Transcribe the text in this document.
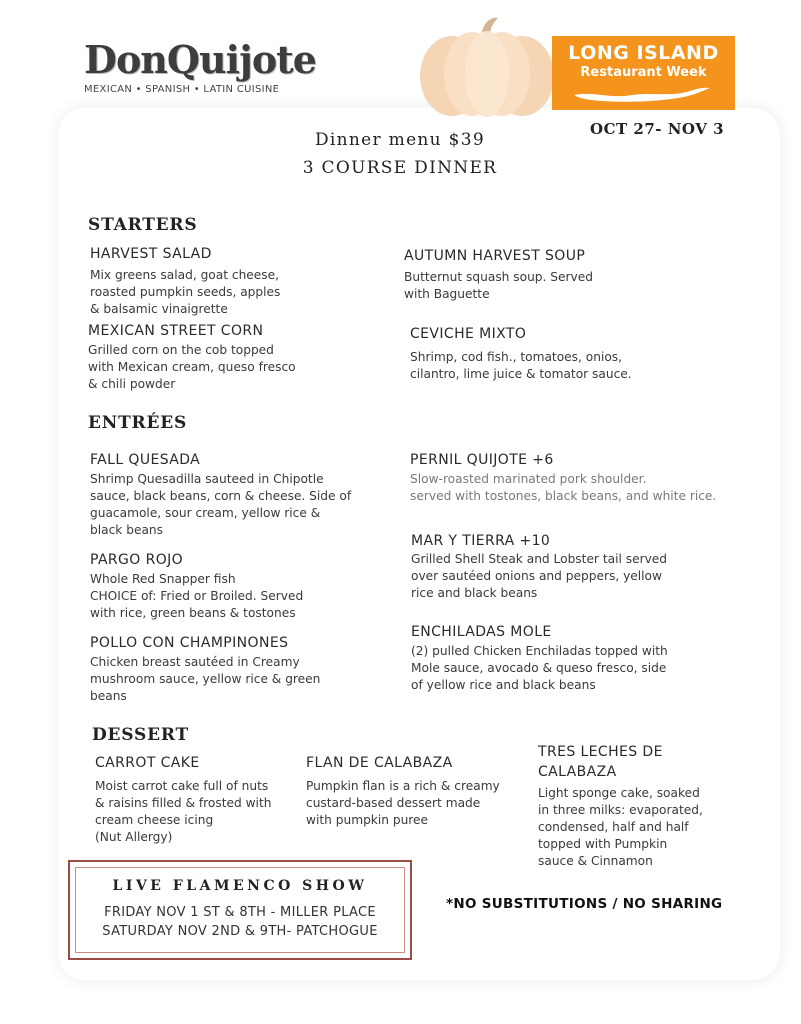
DonQuijote
MEXICAN • SPANISH • LATIN CUISINE
LONG ISLAND
Restaurant Week
OCT 27- NOV 3
Dinner menu $39
3 COURSE DINNER
STARTERS
HARVEST SALAD
Mix greens salad, goat cheese,
roasted pumpkin seeds, apples
& balsamic vinaigrette
AUTUMN HARVEST SOUP
Butternut squash soup. Served
with Baguette
MEXICAN STREET CORN
Grilled corn on the cob topped
with Mexican cream, queso fresco
& chili powder
CEVICHE MIXTO
Shrimp, cod fish., tomatoes, onios,
cilantro, lime juice & tomator sauce.
ENTRÉES
FALL QUESADA
Shrimp Quesadilla sauteed in Chipotle
sauce, black beans, corn & cheese. Side of
guacamole, sour cream, yellow rice &
black beans
PERNIL QUIJOTE +6
Slow-roasted marinated pork shoulder.
served with tostones, black beans, and white rice.
PARGO ROJO
Whole Red Snapper fish
CHOICE of: Fried or Broiled. Served
with rice, green beans & tostones
MAR Y TIERRA +10
Grilled Shell Steak and Lobster tail served
over sautéed onions and peppers, yellow
rice and black beans
POLLO CON CHAMPINONES
Chicken breast sautéed in Creamy
mushroom sauce, yellow rice & green
beans
ENCHILADAS MOLE
(2) pulled Chicken Enchiladas topped with
Mole sauce, avocado & queso fresco, side
of yellow rice and black beans
DESSERT
CARROT CAKE
Moist carrot cake full of nuts
& raisins filled & frosted with
cream cheese icing
(Nut Allergy)
FLAN DE CALABAZA
Pumpkin flan is a rich & creamy
custard-based dessert made
with pumpkin puree
TRES LECHES DE
CALABAZA
Light sponge cake, soaked
in three milks: evaporated,
condensed, half and half
topped with Pumpkin
sauce & Cinnamon
LIVE FLAMENCO SHOW
FRIDAY NOV 1 ST & 8TH - MILLER PLACE
SATURDAY NOV 2ND & 9TH- PATCHOGUE
*NO SUBSTITUTIONS / NO SHARING
